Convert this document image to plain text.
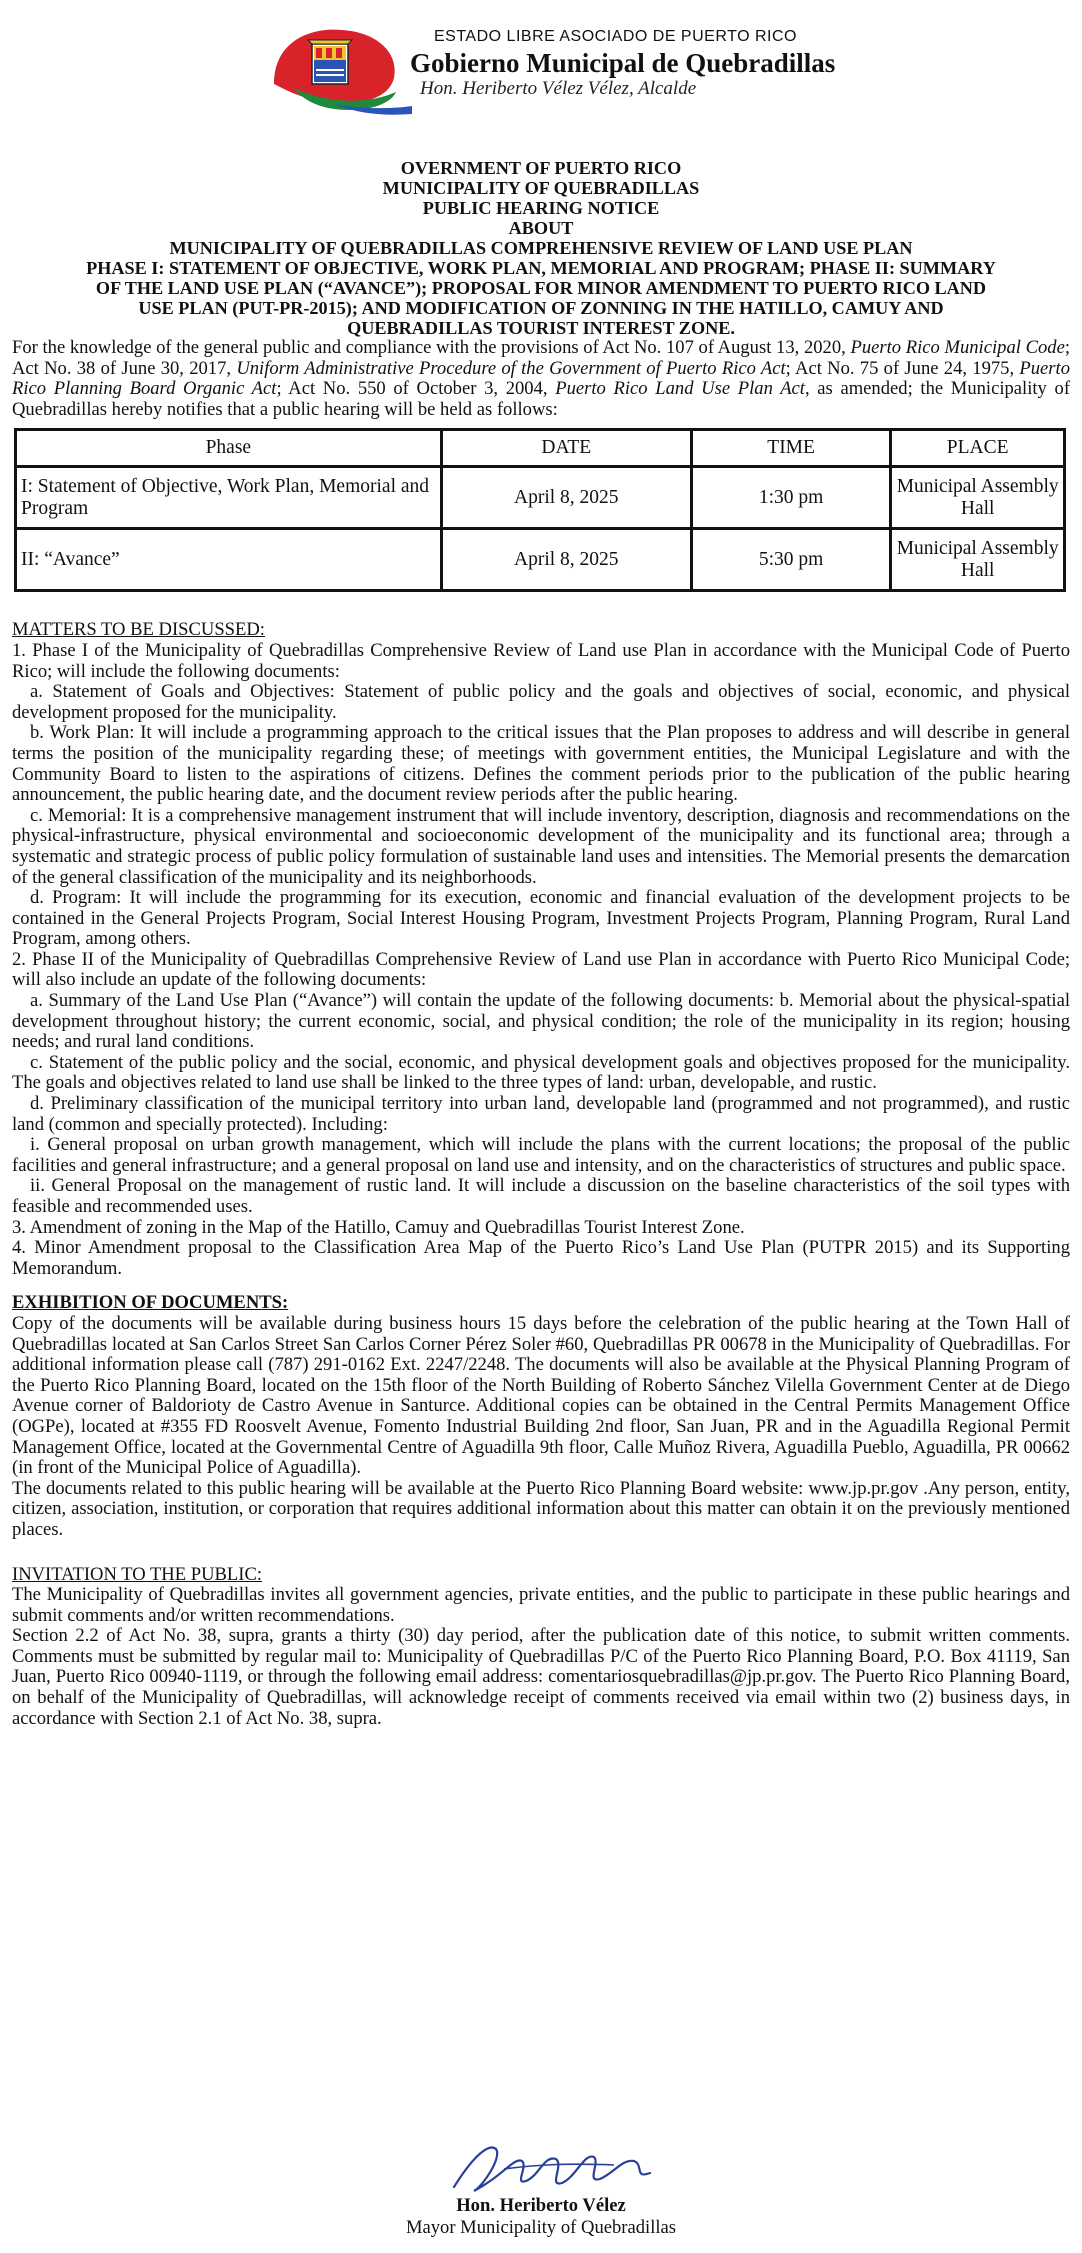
ESTADO LIBRE ASOCIADO DE PUERTO RICO
Gobierno Municipal de Quebradillas
Hon. Heriberto Vélez Vélez, Alcalde
OVERNMENT OF PUERTO RICO
MUNICIPALITY OF QUEBRADILLAS
PUBLIC HEARING NOTICE
ABOUT
MUNICIPALITY OF QUEBRADILLAS COMPREHENSIVE REVIEW OF LAND USE PLAN
PHASE I: STATEMENT OF OBJECTIVE, WORK PLAN, MEMORIAL AND PROGRAM; PHASE II: SUMMARY
OF THE LAND USE PLAN (“AVANCE”); PROPOSAL FOR MINOR AMENDMENT TO PUERTO RICO LAND
USE PLAN (PUT-PR-2015); AND MODIFICATION OF ZONNING IN THE HATILLO, CAMUY AND
QUEBRADILLAS TOURIST INTEREST ZONE.

For the knowledge of the general public and compliance with the provisions of Act No. 107 of August 13, 2020, Puerto Rico Municipal Code; Act No. 38 of June 30, 2017, Uniform Administrative Procedure of the Government of Puerto Rico Act; Act No. 75 of June 24, 1975, Puerto Rico Planning Board Organic Act; Act No. 550 of October 3, 2004, Puerto Rico Land Use Plan Act, as amended; the Municipality of Quebradillas hereby notifies that a public hearing will be held as follows:

Phase	DATE	TIME	PLACE
I: Statement of Objective, Work Plan, Memorial and Program	April 8, 2025	1:30 pm	Municipal Assembly Hall
II: “Avance”	April 8, 2025	5:30 pm	Municipal Assembly Hall
MATTERS TO BE DISCUSSED:

1. Phase I of the Municipality of Quebradillas Comprehensive Review of Land use Plan in accordance with the Municipal Code of Puerto Rico; will include the following documents:

a. Statement of Goals and Objectives: Statement of public policy and the goals and objectives of social, economic, and physical development proposed for the municipality.

b. Work Plan: It will include a programming approach to the critical issues that the Plan proposes to address and will describe in general terms the position of the municipality regarding these; of meetings with government entities, the Municipal Legislature and with the Community Board to listen to the aspirations of citizens. Defines the comment periods prior to the publication of the public hearing announcement, the public hearing date, and the document review periods after the public hearing.

c. Memorial: It is a comprehensive management instrument that will include inventory, description, diagnosis and recommendations on the physical-infrastructure, physical environmental and socioeconomic development of the municipality and its functional area; through a systematic and strategic process of public policy formulation of sustainable land uses and intensities. The Memorial presents the demarcation of the general classification of the municipality and its neighborhoods.

d. Program: It will include the programming for its execution, economic and financial evaluation of the development projects to be contained in the General Projects Program, Social Interest Housing Program, Investment Projects Program, Planning Program, Rural Land Program, among others.

2. Phase II of the Municipality of Quebradillas Comprehensive Review of Land use Plan in accordance with Puerto Rico Municipal Code; will also include an update of the following documents:

a. Summary of the Land Use Plan (“Avance”) will contain the update of the following documents: b. Memorial about the physical-spatial development throughout history; the current economic, social, and physical condition; the role of the municipality in its region; housing needs; and rural land conditions.

c. Statement of the public policy and the social, economic, and physical development goals and objectives proposed for the municipality. The goals and objectives related to land use shall be linked to the three types of land: urban, developable, and rustic.

d. Preliminary classification of the municipal territory into urban land, developable land (programmed and not programmed), and rustic land (common and specially protected). Including:

i. General proposal on urban growth management, which will include the plans with the current locations; the proposal of the public facilities and general infrastructure; and a general proposal on land use and intensity, and on the characteristics of structures and public space.

ii. General Proposal on the management of rustic land. It will include a discussion on the baseline characteristics of the soil types with feasible and recommended uses.

3. Amendment of zoning in the Map of the Hatillo, Camuy and Quebradillas Tourist Interest Zone.

4. Minor Amendment proposal to the Classification Area Map of the Puerto Rico’s Land Use Plan (PUTPR 2015) and its Supporting Memorandum.

EXHIBITION OF DOCUMENTS:

Copy of the documents will be available during business hours 15 days before the celebration of the public hearing at the Town Hall of Quebradillas located at San Carlos Street San Carlos Corner Pérez Soler #60, Quebradillas PR 00678 in the Municipality of Quebradillas. For additional information please call (787) 291-0162 Ext. 2247/2248. The documents will also be available at the Physical Planning Program of the Puerto Rico Planning Board, located on the 15th floor of the North Building of Roberto Sánchez Vilella Government Center at de Diego Avenue corner of Baldorioty de Castro Avenue in Santurce. Additional copies can be obtained in the Central Permits Management Office (OGPe), located at #355 FD Roosvelt Avenue, Fomento Industrial Building 2nd floor, San Juan, PR and in the Aguadilla Regional Permit Management Office, located at the Governmental Centre of Aguadilla 9th floor, Calle Muñoz Rivera, Aguadilla Pueblo, Aguadilla, PR 00662 (in front of the Municipal Police of Aguadilla).

The documents related to this public hearing will be available at the Puerto Rico Planning Board website: www.jp.pr.gov .Any person, entity, citizen, association, institution, or corporation that requires additional information about this matter can obtain it on the previously mentioned places.

INVITATION TO THE PUBLIC:

The Municipality of Quebradillas invites all government agencies, private entities, and the public to participate in these public hearings and submit comments and/or written recommendations.

Section 2.2 of Act No. 38, supra, grants a thirty (30) day period, after the publication date of this notice, to submit written comments. Comments must be submitted by regular mail to: Municipality of Quebradillas P/C of the Puerto Rico Planning Board, P.O. Box 41119, San Juan, Puerto Rico 00940-1119, or through the following email address: comentariosquebradillas@jp.pr.gov. The Puerto Rico Planning Board, on behalf of the Municipality of Quebradillas, will acknowledge receipt of comments received via email within two (2) business days, in accordance with Section 2.1 of Act No. 38, supra.

Hon. Heriberto Vélez
Mayor Municipality of Quebradillas
